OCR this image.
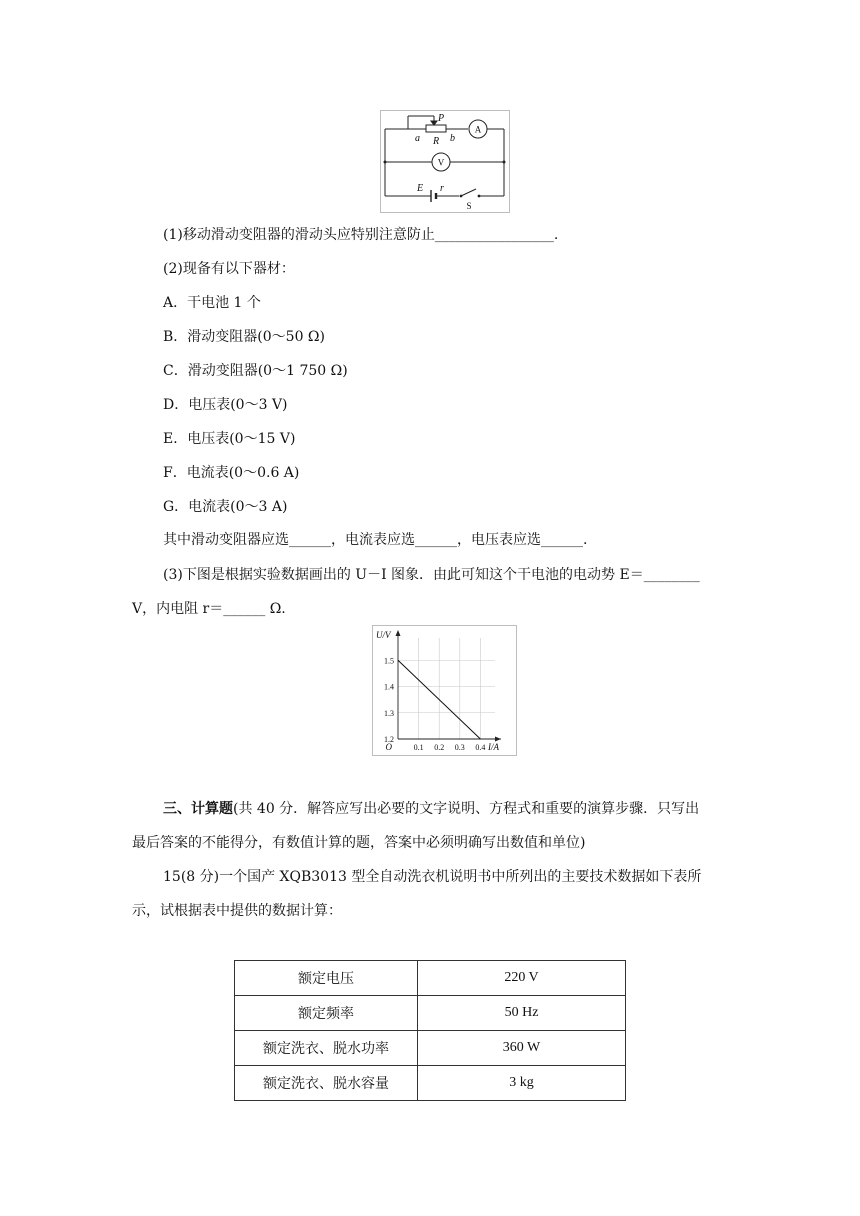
P
a R b
E r
A
V
S
(1)移动滑动变阻器的滑动头应特别注意防止_________________.
(2)现备有以下器材：
A．干电池 1 个
B．滑动变阻器(0～50 Ω)
C．滑动变阻器(0～1 750 Ω)
D．电压表(0～3 V)
E．电压表(0～15 V)
F．电流表(0～0.6 A)
G．电流表(0～3 A)
其中滑动变阻器应选______，电流表应选______，电压表应选______.
(3)下图是根据实验数据画出的 U－I 图象．由此可知这个干电池的电动势 E＝________
V，内电阻 r＝______ Ω.
0.1 0.2 0.3 0.4
1.2
1.3
1.4
1.5
O	I/A
U/V
三、计算题(共 40 分．解答应写出必要的文字说明、方程式和重要的演算步骤．只写出
最后答案的不能得分，有数值计算的题，答案中必须明确写出数值和单位)
15(8 分)一个国产 XQB3013 型全自动洗衣机说明书中所列出的主要技术数据如下表所
示，试根据表中提供的数据计算：
额定电压	220 V
额定频率	50 Hz
额定洗衣、脱水功率	360 W
额定洗衣、脱水容量	3 kg
